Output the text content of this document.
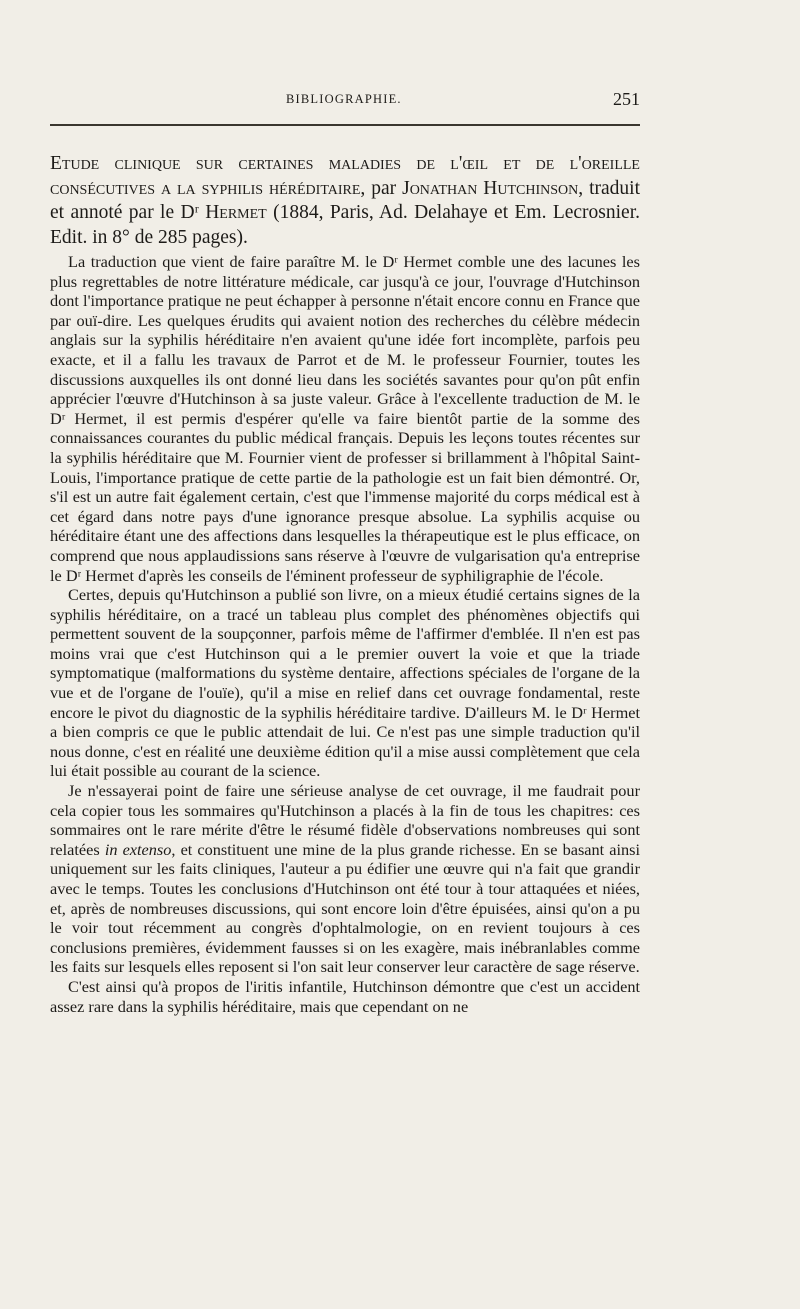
BIBLIOGRAPHIE.	251
Etude clinique sur certaines maladies de l'œil et de l'oreille consécutives a la syphilis héréditaire, par Jonathan Hutchinson, traduit et annoté par le Dʳ Hermet (1884, Paris, Ad. Delahaye et Em. Lecrosnier. Edit. in 8° de 285 pages).

La traduction que vient de faire paraître M. le Dʳ Hermet comble une des lacunes les plus regrettables de notre littérature médicale, car jusqu'à ce jour, l'ouvrage d'Hutchinson dont l'importance pratique ne peut échapper à personne n'était encore connu en France que par ouï-dire. Les quelques érudits qui avaient notion des recherches du célèbre médecin anglais sur la syphilis héréditaire n'en avaient qu'une idée fort incomplète, parfois peu exacte, et il a fallu les travaux de Parrot et de M. le professeur Fournier, toutes les discussions auxquelles ils ont donné lieu dans les sociétés savantes pour qu'on pût enfin apprécier l'œuvre d'Hutchinson à sa juste valeur. Grâce à l'excellente traduction de M. le Dʳ Hermet, il est permis d'espérer qu'elle va faire bientôt partie de la somme des connaissances courantes du public médical français. Depuis les leçons toutes récentes sur la syphilis héréditaire que M. Fournier vient de professer si brillamment à l'hôpital Saint-Louis, l'importance pratique de cette partie de la pathologie est un fait bien démontré. Or, s'il est un autre fait également certain, c'est que l'immense majorité du corps médical est à cet égard dans notre pays d'une ignorance presque absolue. La syphilis acquise ou héréditaire étant une des affections dans lesquelles la thérapeutique est le plus efficace, on comprend que nous applaudissions sans réserve à l'œuvre de vulgarisation qu'a entreprise le Dʳ Hermet d'après les conseils de l'éminent professeur de syphiligraphie de l'école.

Certes, depuis qu'Hutchinson a publié son livre, on a mieux étudié certains signes de la syphilis héréditaire, on a tracé un tableau plus complet des phénomènes objectifs qui permettent souvent de la soupçonner, parfois même de l'affirmer d'emblée. Il n'en est pas moins vrai que c'est Hutchinson qui a le premier ouvert la voie et que la triade symptomatique (malformations du système dentaire, affections spéciales de l'organe de la vue et de l'organe de l'ouïe), qu'il a mise en relief dans cet ouvrage fondamental, reste encore le pivot du diagnostic de la syphilis héréditaire tardive. D'ailleurs M. le Dʳ Hermet a bien compris ce que le public attendait de lui. Ce n'est pas une simple traduction qu'il nous donne, c'est en réalité une deuxième édition qu'il a mise aussi complètement que cela lui était possible au courant de la science.

Je n'essayerai point de faire une sérieuse analyse de cet ouvrage, il me faudrait pour cela copier tous les sommaires qu'Hutchinson a placés à la fin de tous les chapitres: ces sommaires ont le rare mérite d'être le résumé fidèle d'observations nombreuses qui sont relatées in extenso, et constituent une mine de la plus grande richesse. En se basant ainsi uniquement sur les faits cliniques, l'auteur a pu édifier une œuvre qui n'a fait que grandir avec le temps. Toutes les conclusions d'Hutchinson ont été tour à tour attaquées et niées, et, après de nombreuses discussions, qui sont encore loin d'être épuisées, ainsi qu'on a pu le voir tout récemment au congrès d'ophtalmologie, on en revient toujours à ces conclusions premières, évidemment fausses si on les exagère, mais inébranlables comme les faits sur lesquels elles reposent si l'on sait leur conserver leur caractère de sage réserve.

C'est ainsi qu'à propos de l'iritis infantile, Hutchinson démontre que c'est un accident assez rare dans la syphilis héréditaire, mais que cependant on ne
